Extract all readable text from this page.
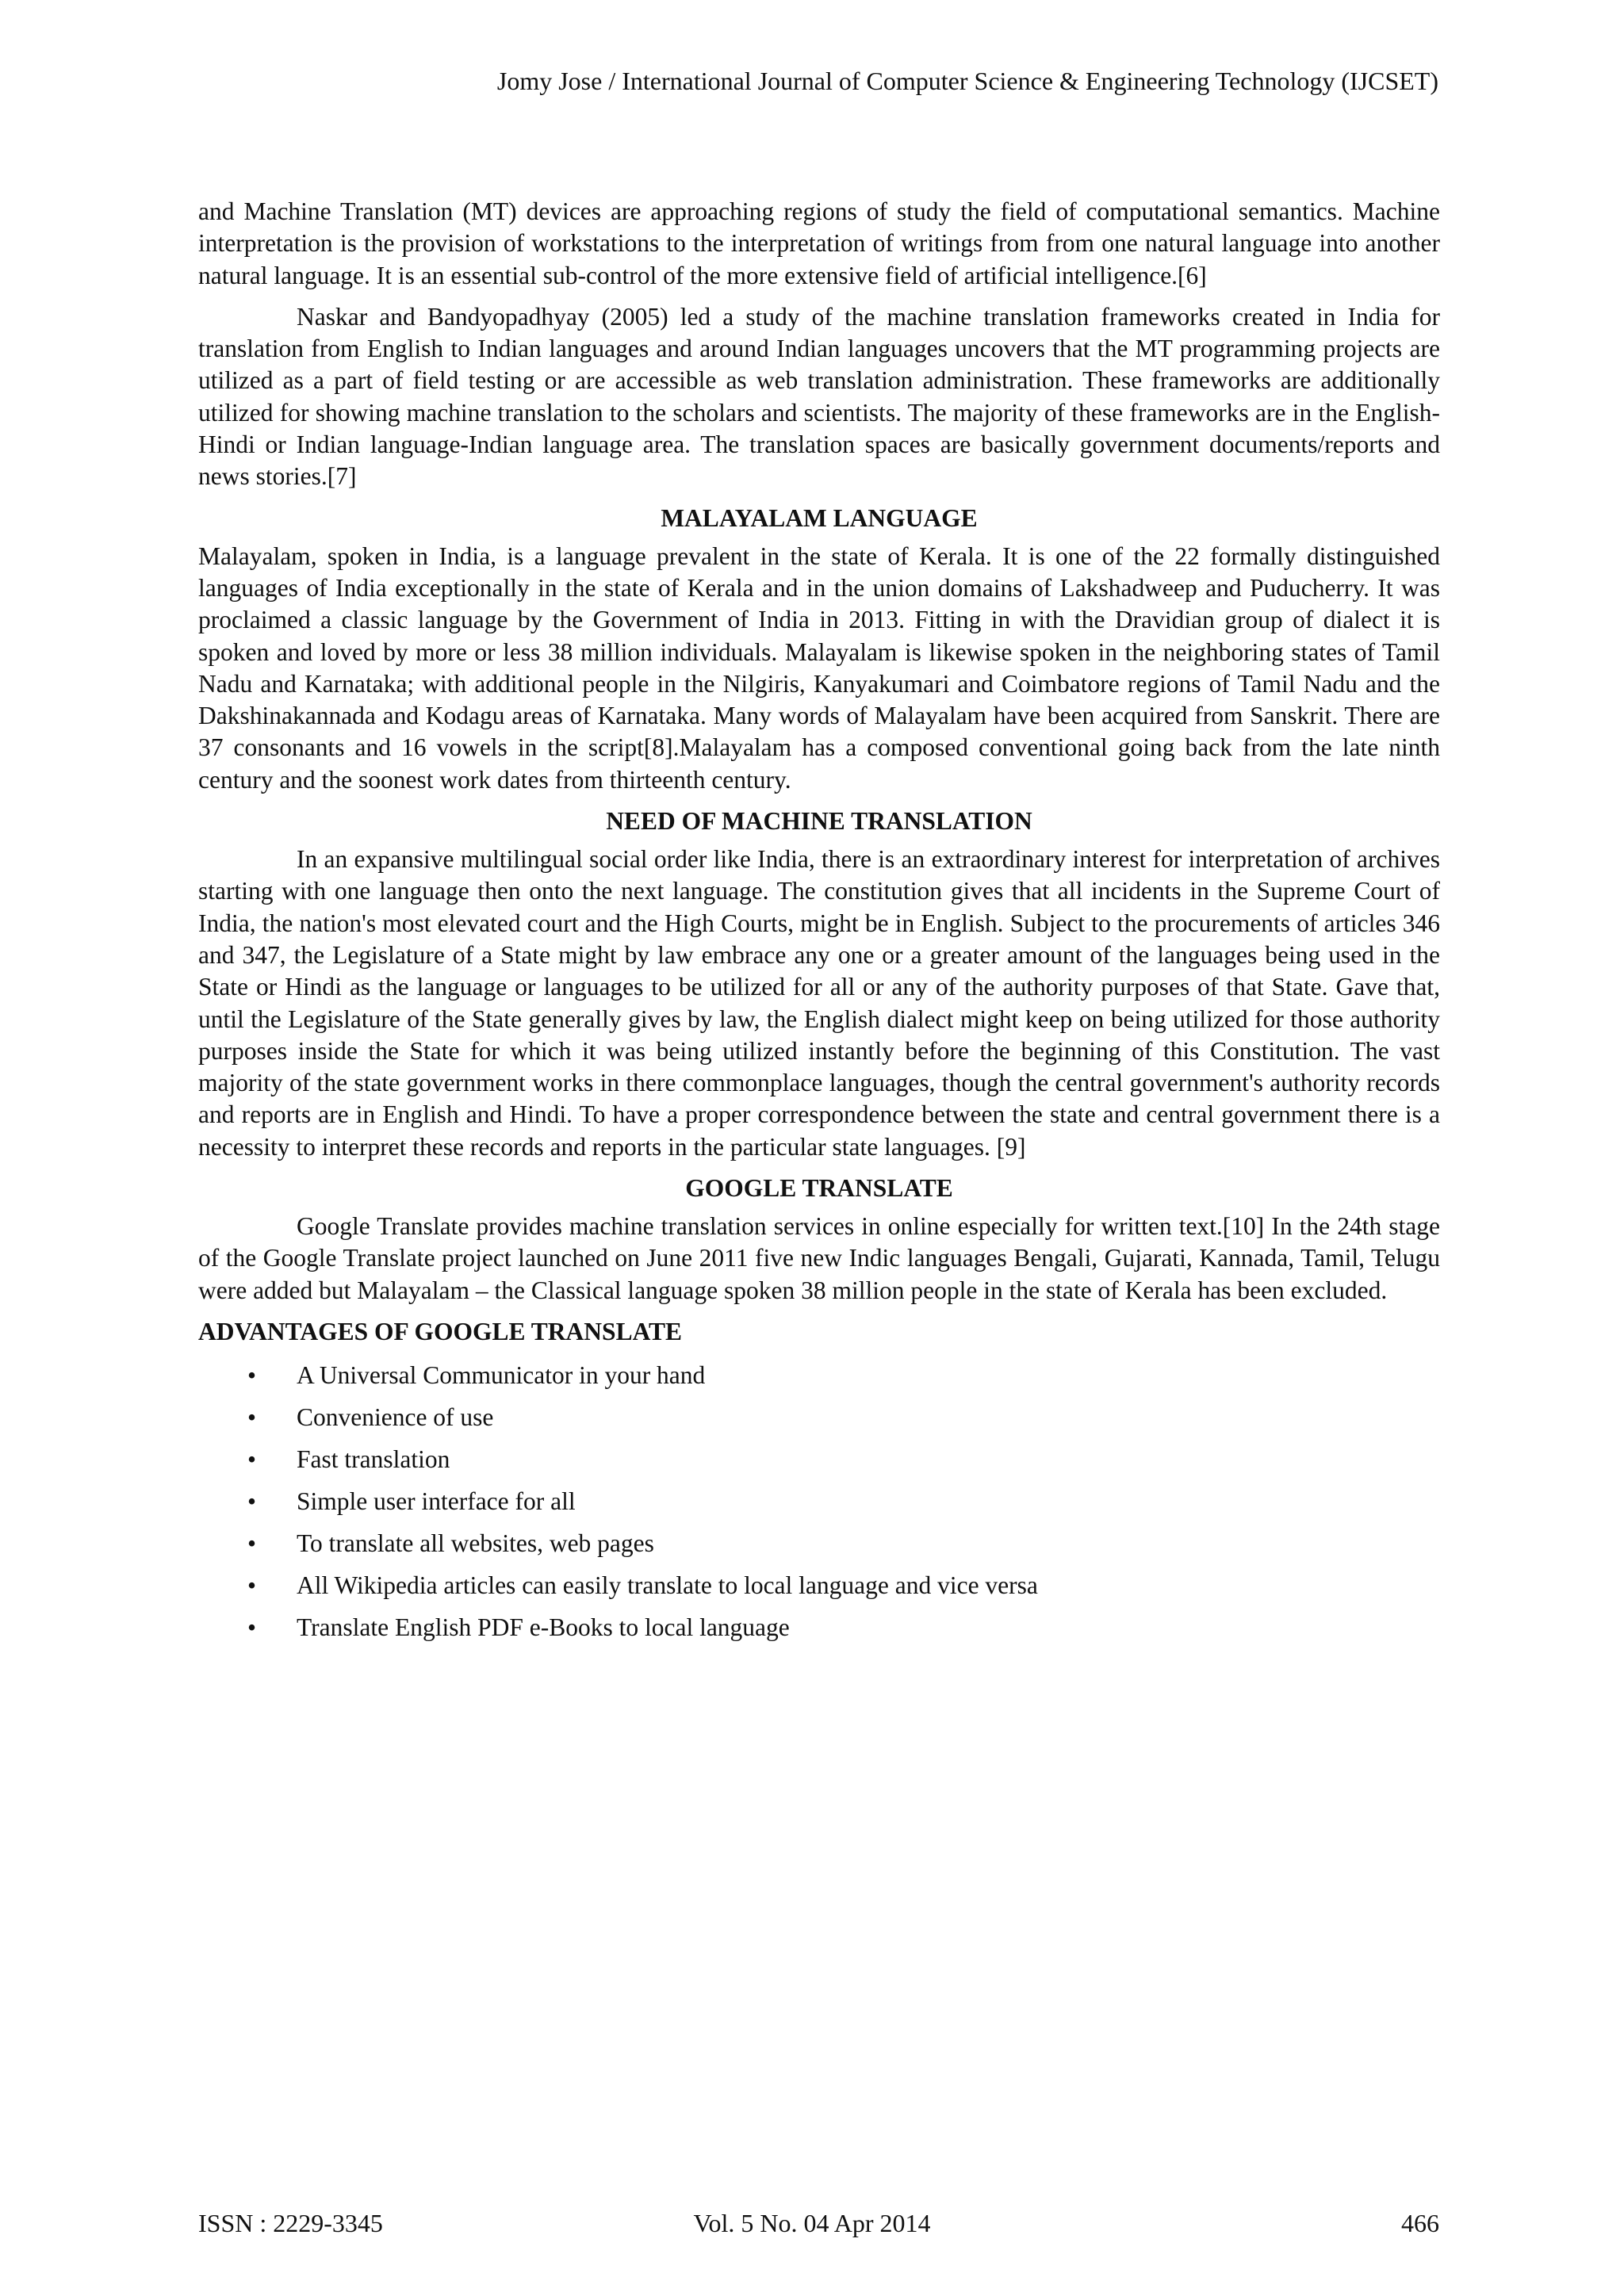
Jomy Jose / International Journal of Computer Science & Engineering Technology (IJCSET)

and Machine Translation (MT) devices are approaching regions of study the field of computational semantics. Machine interpretation is the provision of workstations to the interpretation of writings from from one natural language into another natural language. It is an essential sub-control of the more extensive field of artificial intelligence.[6]

Naskar and Bandyopadhyay (2005) led a study of the machine translation frameworks created in India for translation from English to Indian languages and around Indian languages uncovers that the MT programming projects are utilized as a part of field testing or are accessible as web translation administration. These frameworks are additionally utilized for showing machine translation to the scholars and scientists. The majority of these frameworks are in the English-Hindi or Indian language-Indian language area. The translation spaces are basically government documents/reports and news stories.[7]

MALAYALAM LANGUAGE

Malayalam, spoken in India, is a language prevalent in the state of Kerala. It is one of the 22 formally distinguished languages of India exceptionally in the state of Kerala and in the union domains of Lakshadweep and Puducherry. It was proclaimed a classic language by the Government of India in 2013. Fitting in with the Dravidian group of dialect it is spoken and loved by more or less 38 million individuals. Malayalam is likewise spoken in the neighboring states of Tamil Nadu and Karnataka; with additional people in the Nilgiris, Kanyakumari and Coimbatore regions of Tamil Nadu and the Dakshinakannada and Kodagu areas of Karnataka. Many words of Malayalam have been acquired from Sanskrit. There are 37 consonants and 16 vowels in the script[8].Malayalam has a composed conventional going back from the late ninth century and the soonest work dates from thirteenth century.

NEED OF MACHINE TRANSLATION

In an expansive multilingual social order like India, there is an extraordinary interest for interpretation of archives starting with one language then onto the next language. The constitution gives that all incidents in the Supreme Court of India, the nation's most elevated court and the High Courts, might be in English. Subject to the procurements of articles 346 and 347, the Legislature of a State might by law embrace any one or a greater amount of the languages being used in the State or Hindi as the language or languages to be utilized for all or any of the authority purposes of that State. Gave that, until the Legislature of the State generally gives by law, the English dialect might keep on being utilized for those authority purposes inside the State for which it was being utilized instantly before the beginning of this Constitution. The vast majority of the state government works in there commonplace languages, though the central government's authority records and reports are in English and Hindi. To have a proper correspondence between the state and central government there is a necessity to interpret these records and reports in the particular state languages. [9]

GOOGLE TRANSLATE

Google Translate provides machine translation services in online especially for written text.[10] In the 24th stage of the Google Translate project launched on June 2011 five new Indic languages Bengali, Gujarati, Kannada, Tamil, Telugu were added but Malayalam – the Classical language spoken 38 million people in the state of Kerala has been excluded.

ADVANTAGES OF GOOGLE TRANSLATE
• A Universal Communicator in your hand
• Convenience of use
• Fast translation
• Simple user interface for all
• To translate all websites, web pages
• All Wikipedia articles can easily translate to local language and vice versa
• Translate English PDF e-Books to local language
ISSN : 2229-3345	Vol. 5 No. 04 Apr 2014	466
